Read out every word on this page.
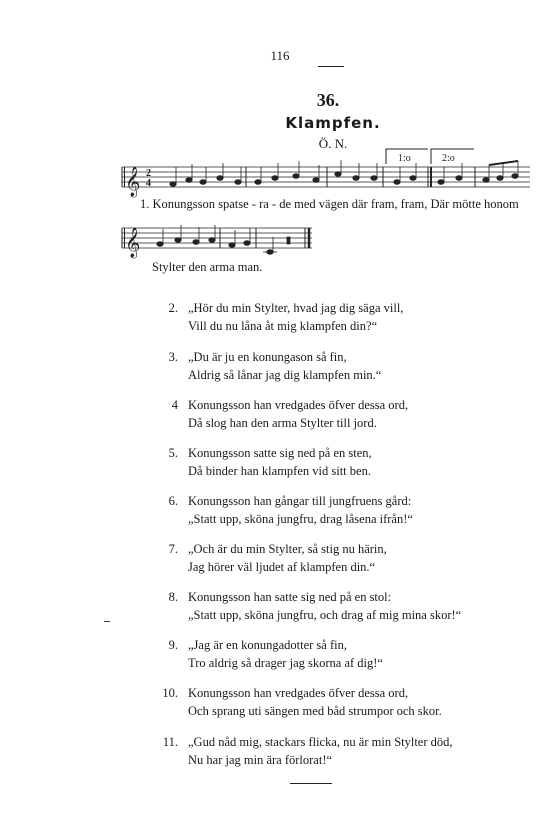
116
36.
Klampfen.
Ö. N.
𝄞 2
4
1:o	2:o
𝄞
1. Konungsson spatse - ra - de med vägen där fram, fram, Där mötte honom
Stylter den arma man.
2. „Hör du min Stylter, hvad jag dig säga vill,
Vill du nu låna åt mig klampfen din?“
3. „Du är ju en konungason så fin,
Aldrig så lånar jag dig klampfen min.“
4 Konungsson han vredgades öfver dessa ord,
Då slog han den arma Stylter till jord.
5. Konungsson satte sig ned på en sten,
Då binder han klampfen vid sitt ben.
6. Konungsson han gångar till jungfruens gård:
„Statt upp, sköna jungfru, drag låsena ifrån!“
7. „Och är du min Stylter, så stig nu härin,
Jag hörer väl ljudet af klampfen din.“
8. Konungsson han satte sig ned på en stol:
„Statt upp, sköna jungfru, och drag af mig mina skor!“
9. „Jag är en konungadotter så fin,
Tro aldrig så drager jag skorna af dig!“
10. Konungsson han vredgades öfver dessa ord,
Och sprang uti sängen med båd strumpor och skor.
11. „Gud nåd mig, stackars flicka, nu är min Stylter död,
Nu har jag min ära förlorat!“
